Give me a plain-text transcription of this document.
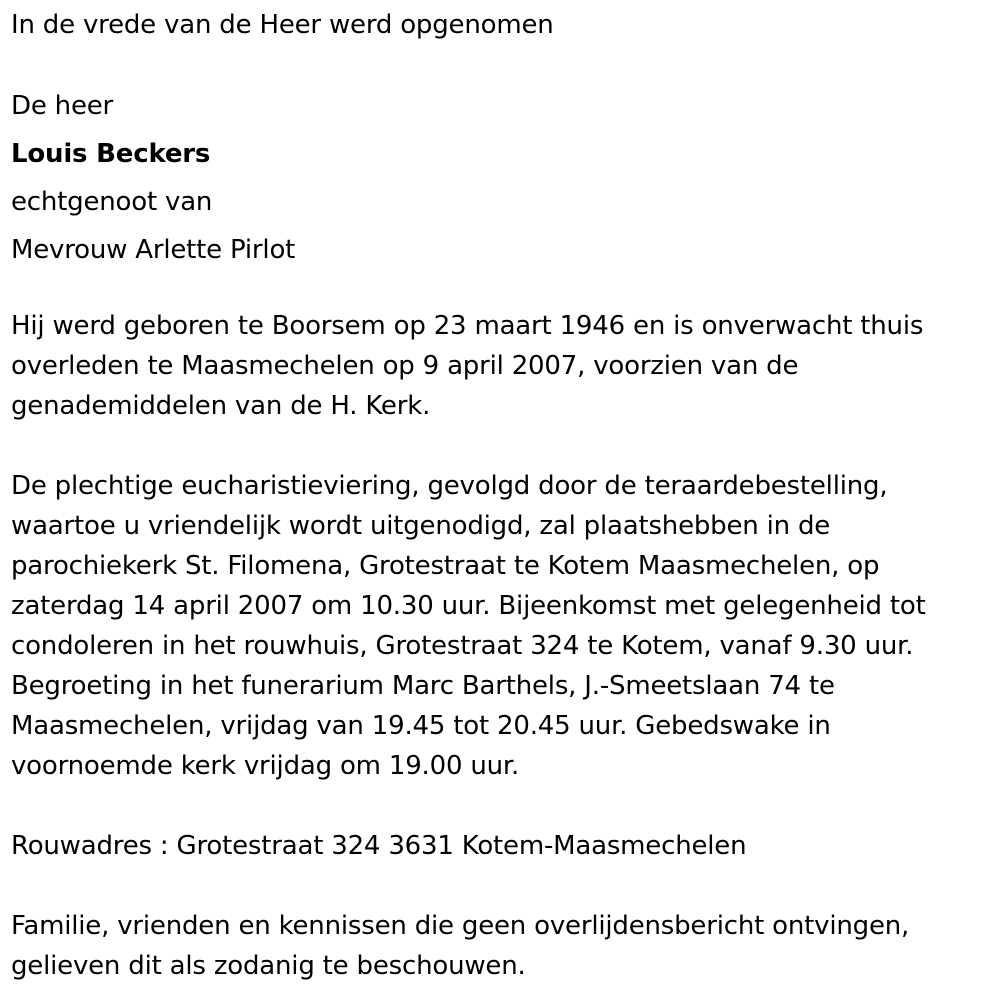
In de vrede van de Heer werd opgenomen

De heer

Louis Beckers

echtgenoot van

Mevrouw Arlette Pirlot

Hij werd geboren te Boorsem op 23 maart 1946 en is onverwacht thuis overleden te Maasmechelen op 9 april 2007, voorzien van de genademiddelen van de H. Kerk.

De plechtige eucharistieviering, gevolgd door de teraardebestelling, waartoe u vriendelijk wordt uitgenodigd, zal plaatshebben in de parochiekerk St. Filomena, Grotestraat te Kotem Maasmechelen, op zaterdag 14 april 2007 om 10.30 uur. Bijeenkomst met gelegenheid tot condoleren in het rouwhuis, Grotestraat 324 te Kotem, vanaf 9.30 uur. Begroeting in het funerarium Marc Barthels, J.-Smeetslaan 74 te Maasmechelen, vrijdag van 19.45 tot 20.45 uur. Gebedswake in voornoemde kerk vrijdag om 19.00 uur.

Rouwadres : Grotestraat 324 3631 Kotem-Maasmechelen

Familie, vrienden en kennissen die geen overlijdensbericht ontvingen, gelieven dit als zodanig te beschouwen.
